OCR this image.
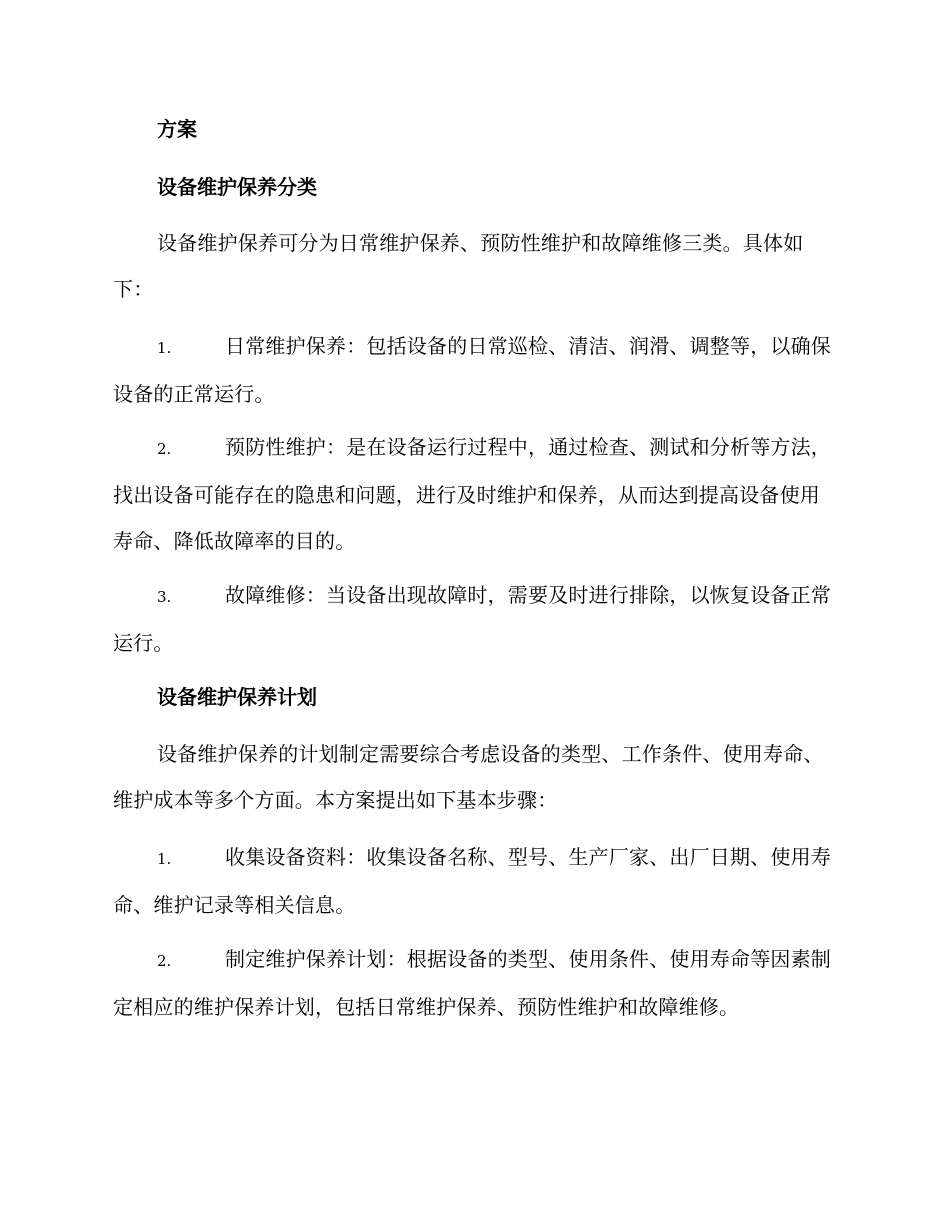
方案
设备维护保养分类
设备维护保养可分为日常维护保养、预防性维护和故障维修三类。具体如下：
1.	日常维护保养：包括设备的日常巡检、清洁、润滑、调整等，以确保设备的正常运行。
2.	预防性维护：是在设备运行过程中，通过检查、测试和分析等方法，找出设备可能存在的隐患和问题，进行及时维护和保养，从而达到提高设备使用寿命、降低故障率的目的。
3.	故障维修：当设备出现故障时，需要及时进行排除，以恢复设备正常运行。
设备维护保养计划
设备维护保养的计划制定需要综合考虑设备的类型、工作条件、使用寿命、维护成本等多个方面。本方案提出如下基本步骤：
1.	收集设备资料：收集设备名称、型号、生产厂家、出厂日期、使用寿命、维护记录等相关信息。
2.	制定维护保养计划：根据设备的类型、使用条件、使用寿命等因素制定相应的维护保养计划，包括日常维护保养、预防性维护和故障维修。
